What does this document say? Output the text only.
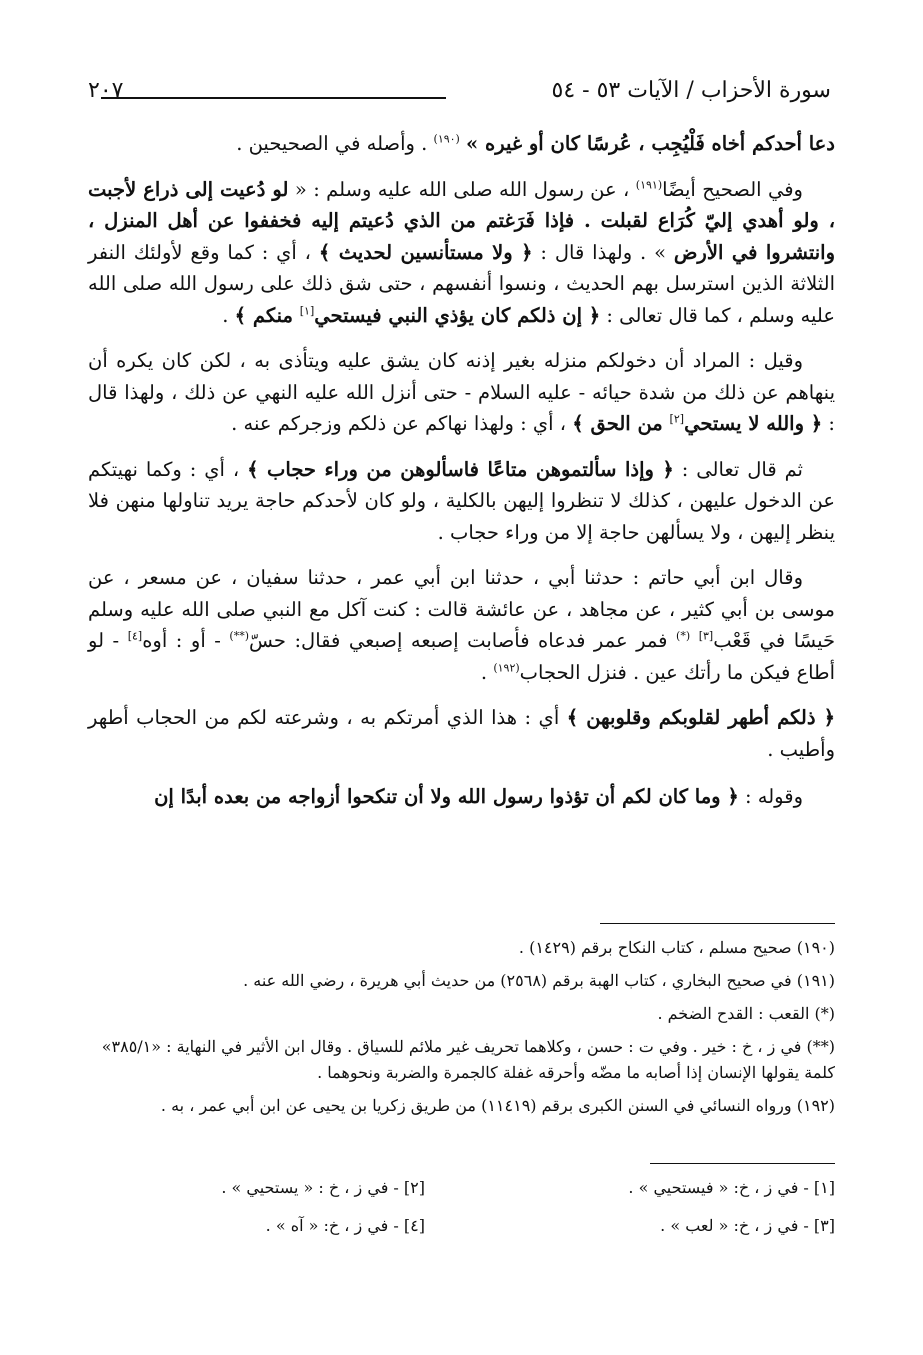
سورة الأحزاب / الآيات ٥٣ - ٥٤
٢٠٧

دعا أحدكم أخاه فَلْيُجِب ، عُرسًا كان أو غيره » $^{(١٩٠)}$ . وأصله في الصحيحين .

وفي الصحيح أيضًا$^{(١٩١)}$ ، عن رسول الله صلى الله عليه وسلم : « لو دُعيت إلى ذراع لأجبت ، ولو أهدي إليّ كُرَاع لقبلت . فإذا فَرَغتم من الذي دُعيتم إليه فخففوا عن أهل المنزل ، وانتشروا في الأرض » . ولهذا قال : ﴿ ولا مستأنسين لحديث ﴾ ، أي : كما وقع لأولئك النفر الثلاثة الذين استرسل بهم الحديث ، ونسوا أنفسهم ، حتى شق ذلك على رسول الله صلى الله عليه وسلم ، كما قال تعالى : ﴿ إن ذلكم كان يؤذي النبي فيستحي[١] منكم ﴾ .

وقيل : المراد أن دخولكم منزله بغير إذنه كان يشق عليه ويتأذى به ، لكن كان يكره أن ينهاهم عن ذلك من شدة حيائه - عليه السلام - حتى أنزل الله عليه النهي عن ذلك ، ولهذا قال : ﴿ والله لا يستحي[٢] من الحق ﴾ ، أي : ولهذا نهاكم عن ذلكم وزجركم عنه .

ثم قال تعالى : ﴿ وإذا سألتموهن متاعًا فاسألوهن من وراء حجاب ﴾ ، أي : وكما نهيتكم عن الدخول عليهن ، كذلك لا تنظروا إليهن بالكلية ، ولو كان لأحدكم حاجة يريد تناولها منهن فلا ينظر إليهن ، ولا يسألهن حاجة إلا من وراء حجاب .

وقال ابن أبي حاتم : حدثنا أبي ، حدثنا ابن أبي عمر ، حدثنا سفيان ، عن مسعر ، عن موسى بن أبي كثير ، عن مجاهد ، عن عائشة قالت : كنت آكل مع النبي صلى الله عليه وسلم حَيسًا في قَعْب[٣] (*) فمر عمر فدعاه فأصابت إصبعه إصبعي فقال: حسّ(**) - أو : أوه[٤] - لو أطاع فيكن ما رأتك عين . فنزل الحجاب$^{(١٩٢)}$ .

﴿ ذلكم أطهر لقلوبكم وقلوبهن ﴾ أي : هذا الذي أمرتكم به ، وشرعته لكم من الحجاب أطهر وأطيب .

وقوله : ﴿ وما كان لكم أن تؤذوا رسول الله ولا أن تنكحوا أزواجه من بعده أبدًا إن

(١٩٠) صحيح مسلم ، كتاب النكاح برقم (١٤٢٩) .

(١٩١) في صحيح البخاري ، كتاب الهبة برقم (٢٥٦٨) من حديث أبي هريرة ، رضي الله عنه .

(*) القعب : القدح الضخم .

(**) في ز ، خ : خير . وفي ت : حسن ، وكلاهما تحريف غير ملائم للسياق . وقال ابن الأثير في النهاية : «٣٨٥/١» كلمة يقولها الإنسان إذا أصابه ما مضّه وأحرقه غفلة كالجمرة والضربة ونحوهما .

(١٩٢) ورواه النسائي في السنن الكبرى برقم (١١٤١٩) من طريق زكريا بن يحيى عن ابن أبي عمر ، به .

[١] - في ز ، خ: « فيستحيي » .
[٢] - في ز ، خ : « يستحيي » .
[٣] - في ز ، خ: « لعب » .
[٤] - في ز ، خ: « آه » .
